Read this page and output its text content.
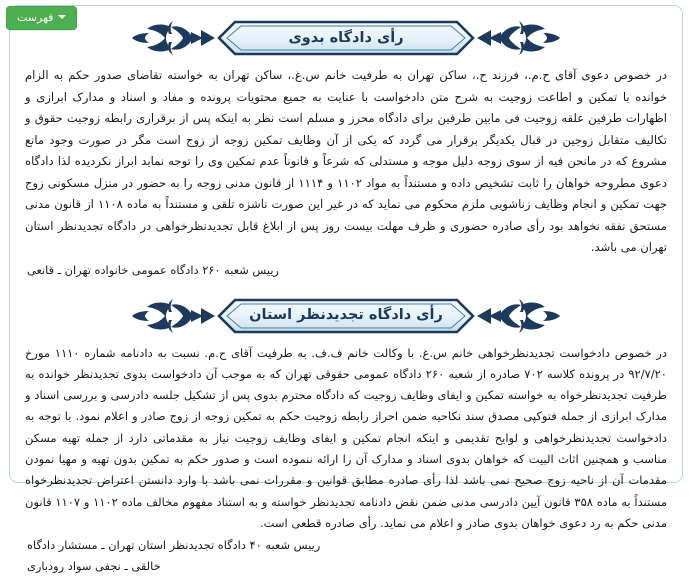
فهرست
رأی دادگاه بدوی

در خصوص دعوی آقای ح.م.، فرزند ح.، ساکن تهران به طرفیت خانم س.غ.، ساکن تهران به خواسته تقاضای صدور حکم به الزام خوانده با تمکین و اطاعت زوجیت به شرح متن دادخواست با عنایت به جمیع محتویات پرونده و مفاد و اسناد و مدارک ابرازی و اظهارات طرفین علقه زوجیت فی مابین طرفین برای دادگاه محرز و مسلم است نظر به اینکه پس از برقراری رابطه زوجیت حقوق و تکالیف متقابل زوجین در قبال یکدیگر برقرار می گردد که یکی از آن وظایف تمکین زوجه از زوج است مگر در صورت وجود مانع مشروع که در مانحن فیه از سوی زوجه دلیل موجه و مستدلی که شرعاً و قانوناً عدم تمکین وی را توجه نماید ابراز نکردیده لذا دادگاه دعوی مطروحه خواهان را ثابت تشخیص داده و مستنداً به مواد ۱۱۰۲ و ۱۱۱۴ از قانون مدنی زوجه را به حضور در منزل مسکونی زوج جهت تمکین و انجام وظایف زناشویی ملزم محکوم می نماید که در غیر این صورت ناشزه تلقی و مستنداً به ماده ۱۱۰۸ از قانون مدنی مستحق نفقه نخواهد بود رأی صادره حضوری و ظرف مهلت بیست روز پس از ابلاغ قابل تجدیدنظرخواهی در دادگاه تجدیدنظر استان تهران می باشد.

رییس شعبه ۲۶۰ دادگاه عمومی خانواده تهران ـ قانعی

رأی دادگاه تجدیدنظر استان

در خصوص دادخواست تجدیدنظرخواهی خانم س.غ. با وکالت خانم ف.ف. به طرفیت آقای ح.م. نسبت به دادنامه شماره ۱۱۱۰ مورخ ۹۲/۷/۲۰ در پرونده کلاسه ۷۰۲ صادره از شعبه ۲۶۰ دادگاه عمومی حقوقی تهران که به موجب آن دادخواست بدوی تجدیدنظر خوانده به طرفیت تجدیدنظرخواه به خواسته تمکین و ایفای وظایف زوجیت که دادگاه محترم بدوی پس از تشکیل جلسه دادرسی و بررسی اسناد و مدارک ابرازی از جمله فتوکپی مصدق سند نکاحیه ضمن احراز رابطه زوجیت حکم به تمکین زوجه از زوج صادر و اعلام نمود. با توجه به دادخواست تجدیدنظرخواهی و لوایح تقدیمی و اینکه انجام تمکین و ایفای وظایف زوجیت نیاز به مقدماتی دارد از جمله تهیه مسکن مناسب و همچنین اثاث البیت که خواهان بدوی اسناد و مدارک آن را ارائه ننموده است و صدور حکم به تمکین بدون تهیه و مهیا نمودن مقدمات آن از ناحیه زوج صحیح نمی باشد لذا رأی صادره مطابق قوانین و مقررات نمی باشد با وارد دانستن اعتراض تجدیدنظرخواه مستنداً به ماده ۳۵۸ قانون آیین دادرسی مدنی ضمن نقض دادنامه تجدیدنظر خواسته و به استناد مفهوم مخالف ماده ۱۱۰۲ و ۱۱۰۷ قانون مدنی حکم به رد دعوی خواهان بدوی صادر و اعلام می نماید. رأی صادره قطعی است.

رییس شعبه ۴۰ دادگاه تجدیدنظر استان تهران ـ مستشار دادگاه

خالقی ـ نجفی سواد رودباری
